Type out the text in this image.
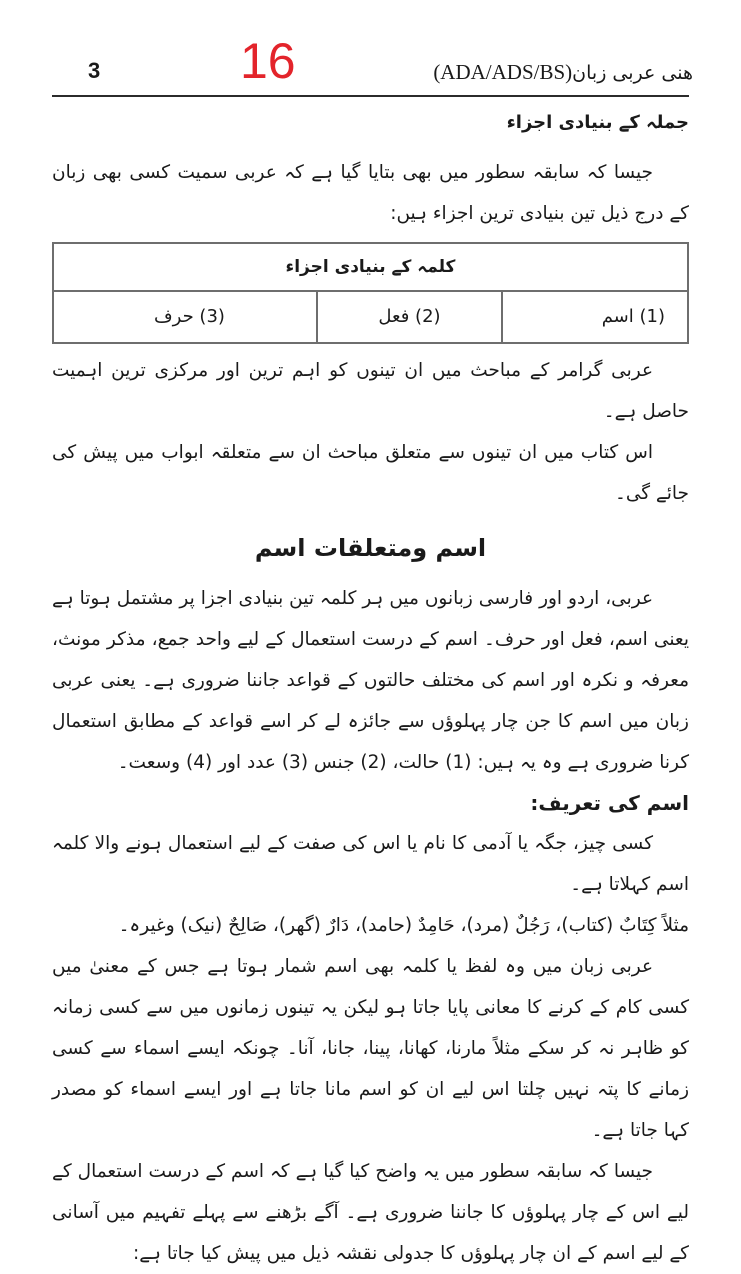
3	16	ھنی عربی زبان(ADA/ADS/BS)
جملہ کے بنیادی اجزاء

جیسا کہ سابقہ سطور میں بھی بتایا گیا ہے کہ عربی سمیت کسی بھی زبان کے درج ذیل تین بنیادی ترین اجزاء ہیں:

کلمہ کے بنیادی اجزاء
(1) اسم
(2) فعل
(3) حرف

عربی گرامر کے مباحث میں ان تینوں کو اہم ترین اور مرکزی ترین اہمیت حاصل ہے۔

اس کتاب میں ان تینوں سے متعلق مباحث ان سے متعلقہ ابواب میں پیش کی جائے گی۔

اسم ومتعلقات اسم

عربی، اردو اور فارسی زبانوں میں ہر کلمہ تین بنیادی اجزا پر مشتمل ہوتا ہے یعنی اسم، فعل اور حرف۔ اسم کے درست استعمال کے لیے واحد جمع، مذکر مونث، معرفہ و نکرہ اور اسم کی مختلف حالتوں کے قواعد جاننا ضروری ہے۔ یعنی عربی زبان میں اسم کا جن چار پہلوؤں سے جائزہ لے کر اسے قواعد کے مطابق استعمال کرنا ضروری ہے وہ یہ ہیں: (1) حالت، (2) جنس (3) عدد اور (4) وسعت۔

اسم کی تعریف:

کسی چیز، جگہ یا آدمی کا نام یا اس کی صفت کے لیے استعمال ہونے والا کلمہ اسم کہلاتا ہے۔

مثلاً کِتَابٌ (کتاب)، رَجُلٌ (مرد)، حَامِدٌ (حامد)، دَارٌ (گھر)، صَالِحٌ (نیک) وغیرہ۔

عربی زبان میں وہ لفظ یا کلمہ بھی اسم شمار ہوتا ہے جس کے معنیٰ میں کسی کام کے کرنے کا معانی پایا جاتا ہو لیکن یہ تینوں زمانوں میں سے کسی زمانہ کو ظاہر نہ کر سکے مثلاً مارنا، کھانا، پینا، جانا، آنا۔ چونکہ ایسے اسماء سے کسی زمانے کا پتہ نہیں چلتا اس لیے ان کو اسم مانا جاتا ہے اور ایسے اسماء کو مصدر کہا جاتا ہے۔

جیسا کہ سابقہ سطور میں یہ واضح کیا گیا ہے کہ اسم کے درست استعمال کے لیے اس کے چار پہلوؤں کا جاننا ضروری ہے۔ آگے بڑھنے سے پہلے تفہیم میں آسانی کے لیے اسم کے ان چار پہلوؤں کا جدولی نقشہ ذیل میں پیش کیا جاتا ہے:
